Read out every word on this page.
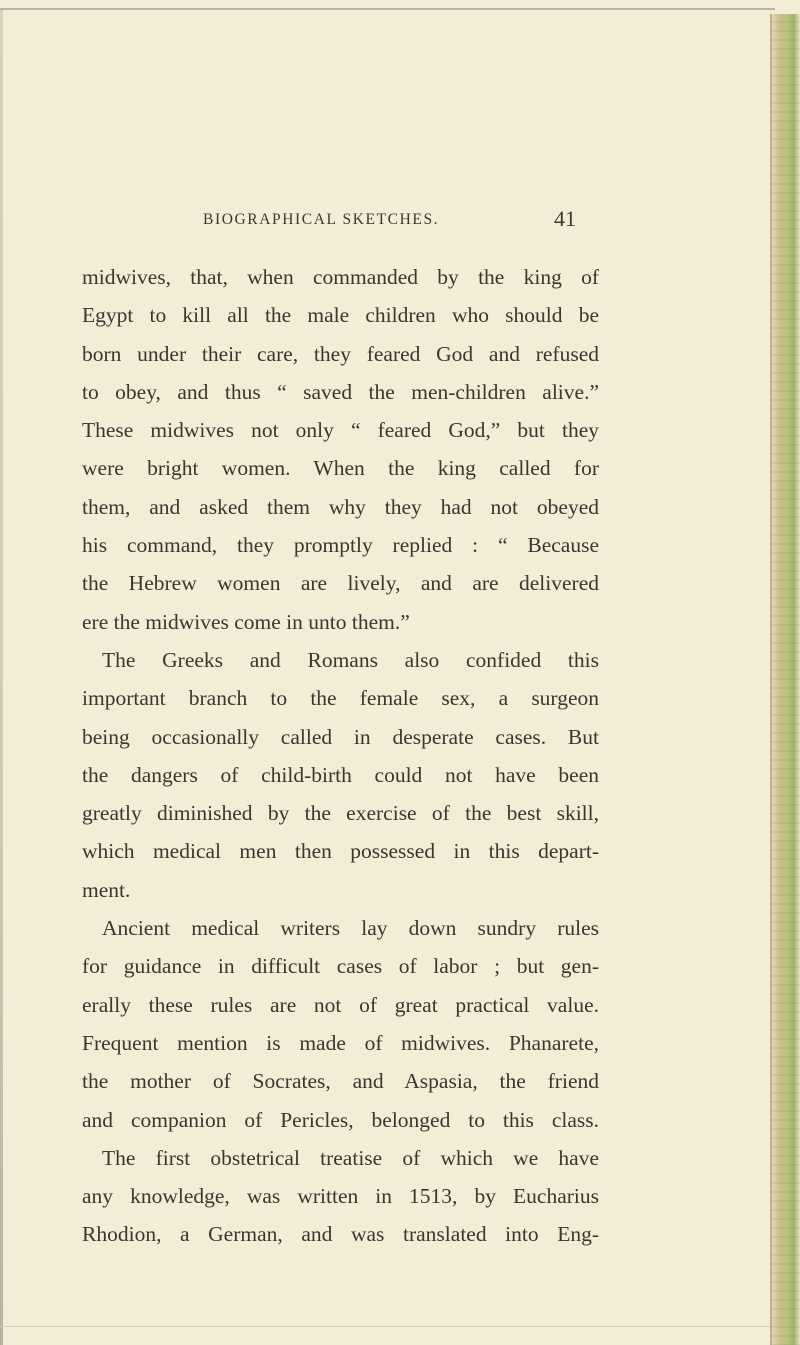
BIOGRAPHICAL SKETCHES.	41
midwives, that, when commanded by the king of
Egypt to kill all the male children who should be
born under their care, they feared God and refused
to obey, and thus “ saved the men-children alive.”
These midwives not only “ feared God,” but they
were bright women. When the king called for
them, and asked them why they had not obeyed
his command, they promptly replied : “ Because
the Hebrew women are lively, and are delivered
ere the midwives come in unto them.”
The Greeks and Romans also confided this
important branch to the female sex, a surgeon
being occasionally called in desperate cases. But
the dangers of child-birth could not have been
greatly diminished by the exercise of the best skill,
which medical men then possessed in this depart-
ment.
Ancient medical writers lay down sundry rules
for guidance in difficult cases of labor ; but gen-
erally these rules are not of great practical value.
Frequent mention is made of midwives. Phanarete,
the mother of Socrates, and Aspasia, the friend
and companion of Pericles, belonged to this class.
The first obstetrical treatise of which we have
any knowledge, was written in 1513, by Eucharius
Rhodion, a German, and was translated into Eng-
